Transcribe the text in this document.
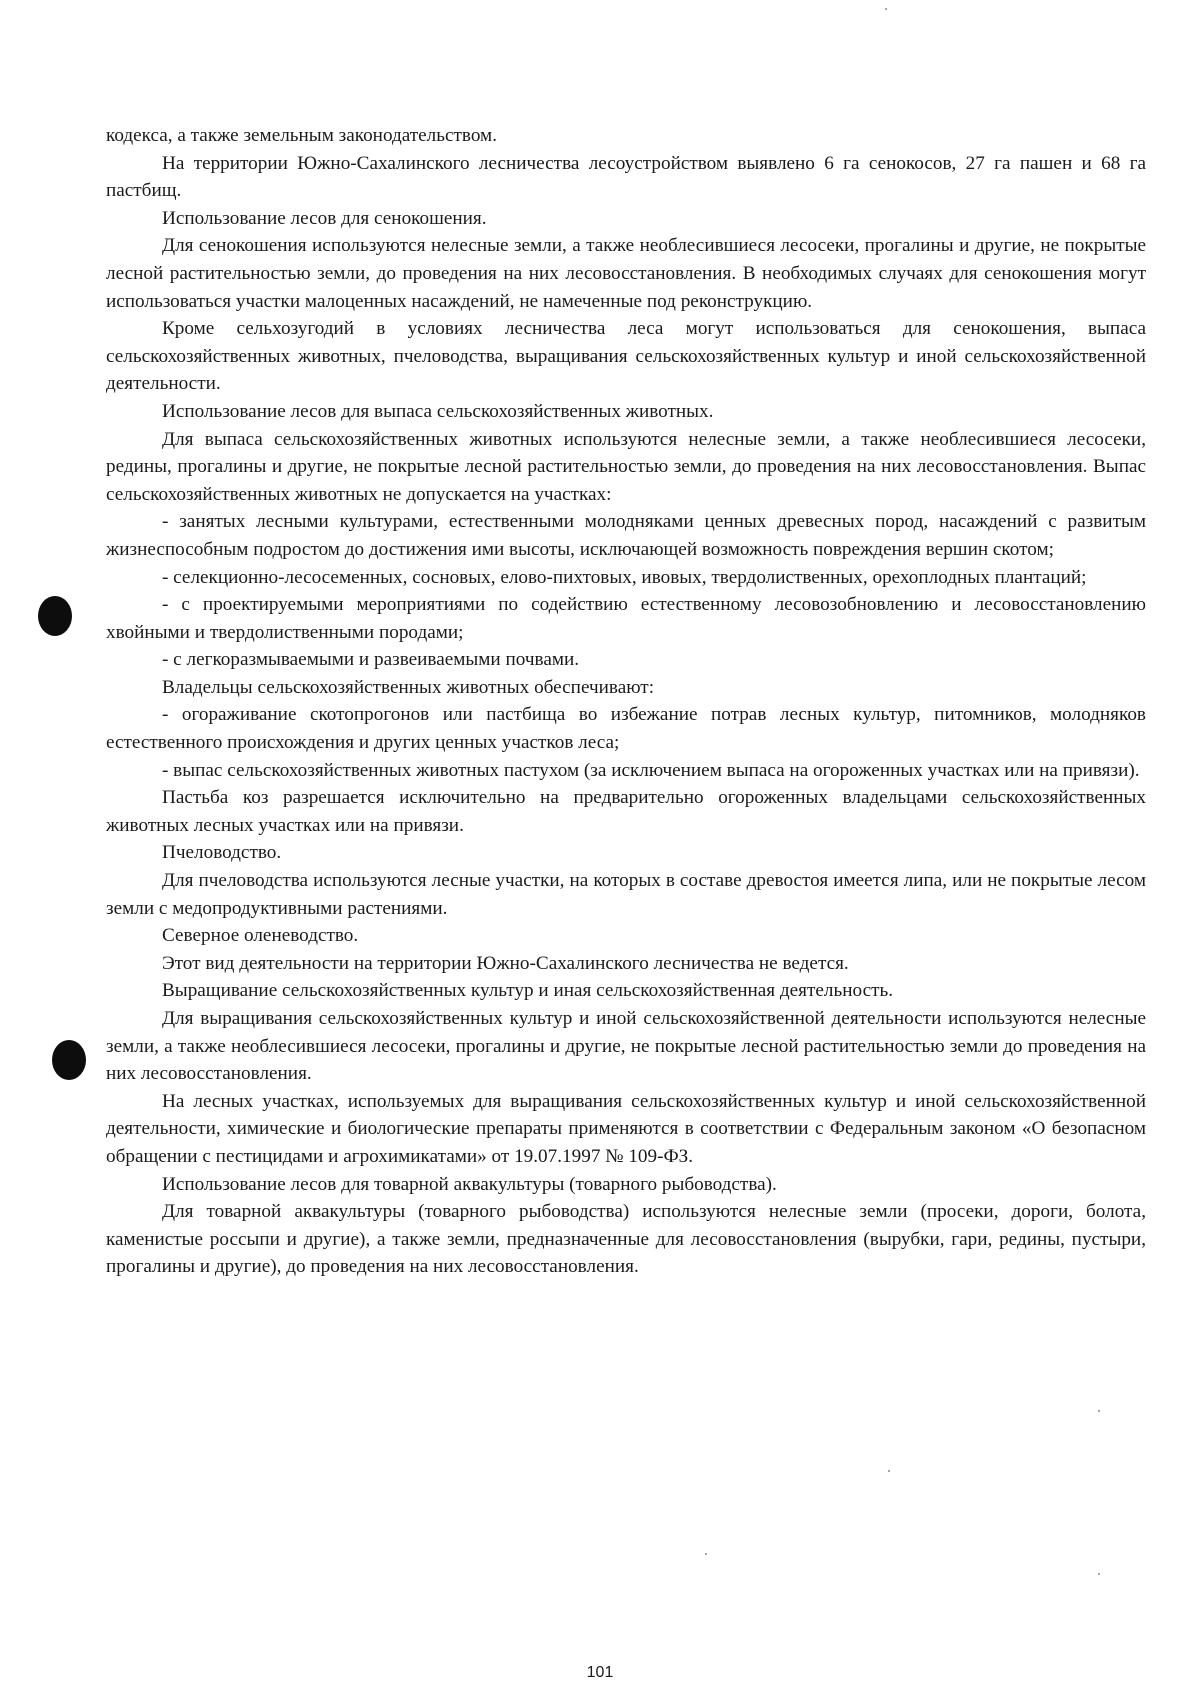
кодекса, а также земельным законодательством.

На территории Южно-Сахалинского лесничества лесоустройством выявлено 6 га сенокосов, 27 га пашен и 68 га пастбищ.

Использование лесов для сенокошения.

Для сенокошения используются нелесные земли, а также необлесившиеся лесосеки, прогалины и другие, не покрытые лесной растительностью земли, до проведения на них лесовосстановления. В необходимых случаях для сенокошения могут использоваться участки малоценных насаждений, не намеченные под реконструкцию.

Кроме сельхозугодий в условиях лесничества леса могут использоваться для сенокошения, выпаса сельскохозяйственных животных, пчеловодства, выращивания сельскохозяйственных культур и иной сельскохозяйственной деятельности.

Использование лесов для выпаса сельскохозяйственных животных.

Для выпаса сельскохозяйственных животных используются нелесные земли, а также необлесившиеся лесосеки, редины, прогалины и другие, не покрытые лесной растительностью земли, до проведения на них лесовосстановления. Выпас сельскохозяйственных животных не допускается на участках:

- занятых лесными культурами, естественными молодняками ценных древесных пород, насаждений с развитым жизнеспособным подростом до достижения ими высоты, исключающей возможность повреждения вершин скотом;

- селекционно-лесосеменных, сосновых, елово-пихтовых, ивовых, твердолиственных, орехоплодных плантаций;

- с проектируемыми мероприятиями по содействию естественному лесовозобновлению и лесовосстановлению хвойными и твердолиственными породами;

- с легкоразмываемыми и развеиваемыми почвами.

Владельцы сельскохозяйственных животных обеспечивают:

- огораживание скотопрогонов или пастбища во избежание потрав лесных культур, питомников, молодняков естественного происхождения и других ценных участков леса;

- выпас сельскохозяйственных животных пастухом (за исключением выпаса на огороженных участках или на привязи).

Пастьба коз разрешается исключительно на предварительно огороженных владельцами сельскохозяйственных животных лесных участках или на привязи.

Пчеловодство.

Для пчеловодства используются лесные участки, на которых в составе древостоя имеется липа, или не покрытые лесом земли с медопродуктивными растениями.

Северное оленеводство.

Этот вид деятельности на территории Южно-Сахалинского лесничества не ведется.

Выращивание сельскохозяйственных культур и иная сельскохозяйственная деятельность.

Для выращивания сельскохозяйственных культур и иной сельскохозяйственной деятельности используются нелесные земли, а также необлесившиеся лесосеки, прогалины и другие, не покрытые лесной растительностью земли до проведения на них лесовосстановления.

На лесных участках, используемых для выращивания сельскохозяйственных культур и иной сельскохозяйственной деятельности, химические и биологические препараты применяются в соответствии с Федеральным законом «О безопасном обращении с пестицидами и агрохимикатами» от 19.07.1997 № 109-ФЗ.

Использование лесов для товарной аквакультуры (товарного рыбоводства).

Для товарной аквакультуры (товарного рыбоводства) используются нелесные земли (просеки, дороги, болота, каменистые россыпи и другие), а также земли, предназначенные для лесовосстановления (вырубки, гари, редины, пустыри, прогалины и другие), до проведения на них лесовосстановления.

101
